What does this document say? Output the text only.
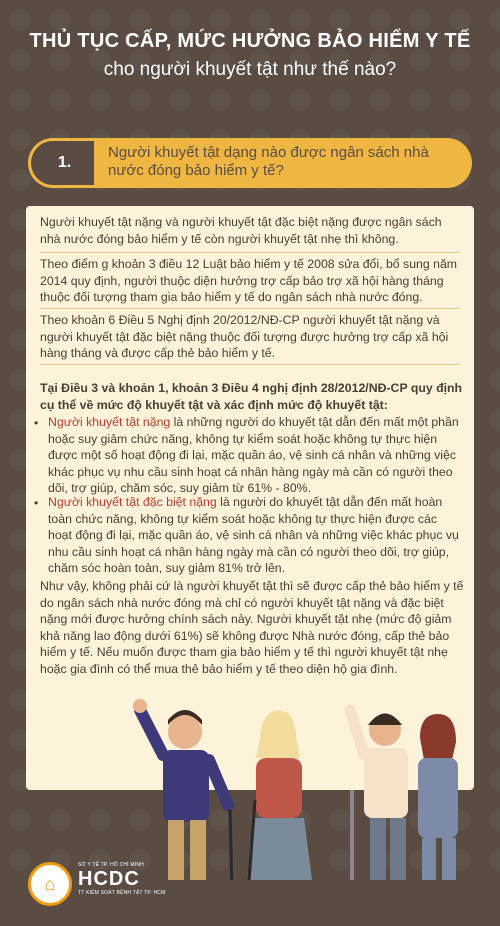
THỦ TỤC CẤP, MỨC HƯỞNG BẢO HIỂM Y TẾ
cho người khuyết tật như thế nào?
1.
Người khuyết tật dạng nào được ngân sách nhà nước đóng bảo hiểm y tế?
Người khuyết tật nặng và người khuyết tật đặc biệt nặng được ngân sách nhà nước đóng bảo hiểm y tế còn người khuyết tật nhẹ thì không.
Theo điểm g khoản 3 điều 12 Luật bảo hiểm y tế 2008 sửa đổi, bổ sung năm 2014 quy định, người thuộc diện hưởng trợ cấp bảo trợ xã hội hàng tháng thuộc đối tượng tham gia bảo hiểm y tế do ngân sách nhà nước đóng.
Theo khoản 6 Điều 5 Nghị định 20/2012/NĐ-CP người khuyết tật nặng và người khuyết tật đặc biệt nặng thuộc đối tượng được hưởng trợ cấp xã hội hàng tháng và được cấp thẻ bảo hiểm y tế.
Tại Điều 3 và khoản 1, khoản 3 Điều 4 nghị định 28/2012/NĐ-CP quy định cụ thể về mức độ khuyết tật và xác định mức độ khuyết tật:
• Người khuyết tật nặng là những người do khuyết tật dẫn đến mất một phần hoặc suy giảm chức năng, không tự kiểm soát hoặc không tự thực hiện được một số hoạt động đi lại, mặc quần áo, vệ sinh cá nhân và những việc khác phục vụ nhu cầu sinh hoạt cá nhân hàng ngày mà cần có người theo dõi, trợ giúp, chăm sóc, suy giảm từ 61% - 80%.
• Người khuyết tật đặc biệt nặng là người do khuyết tật dẫn đến mất hoàn toàn chức năng, không tự kiểm soát hoặc không tự thực hiện được các hoạt động đi lại, mặc quần áo, vệ sinh cá nhân và những việc khác phục vụ nhu cầu sinh hoạt cá nhân hàng ngày mà cần có người theo dõi, trợ giúp, chăm sóc hoàn toàn, suy giảm 81% trở lên.
Như vậy, không phải cứ là người khuyết tật thì sẽ được cấp thẻ bảo hiểm y tế do ngân sách nhà nước đóng mà chỉ có người khuyết tật nặng và đặc biệt nặng mới được hưởng chính sách này. Người khuyết tật nhẹ (mức độ giảm khả năng lao động dưới 61%) sẽ không được Nhà nước đóng, cấp thẻ bảo hiểm y tế. Nếu muốn được tham gia bảo hiểm y tế thì người khuyết tật nhẹ hoặc gia đình có thể mua thẻ bảo hiểm y tế theo diện hộ gia đình.
⌂
SỞ Y TẾ TP. HỒ CHÍ MINH
HCDC
TT KIỂM SOÁT BỆNH TẬT TP. HCM
